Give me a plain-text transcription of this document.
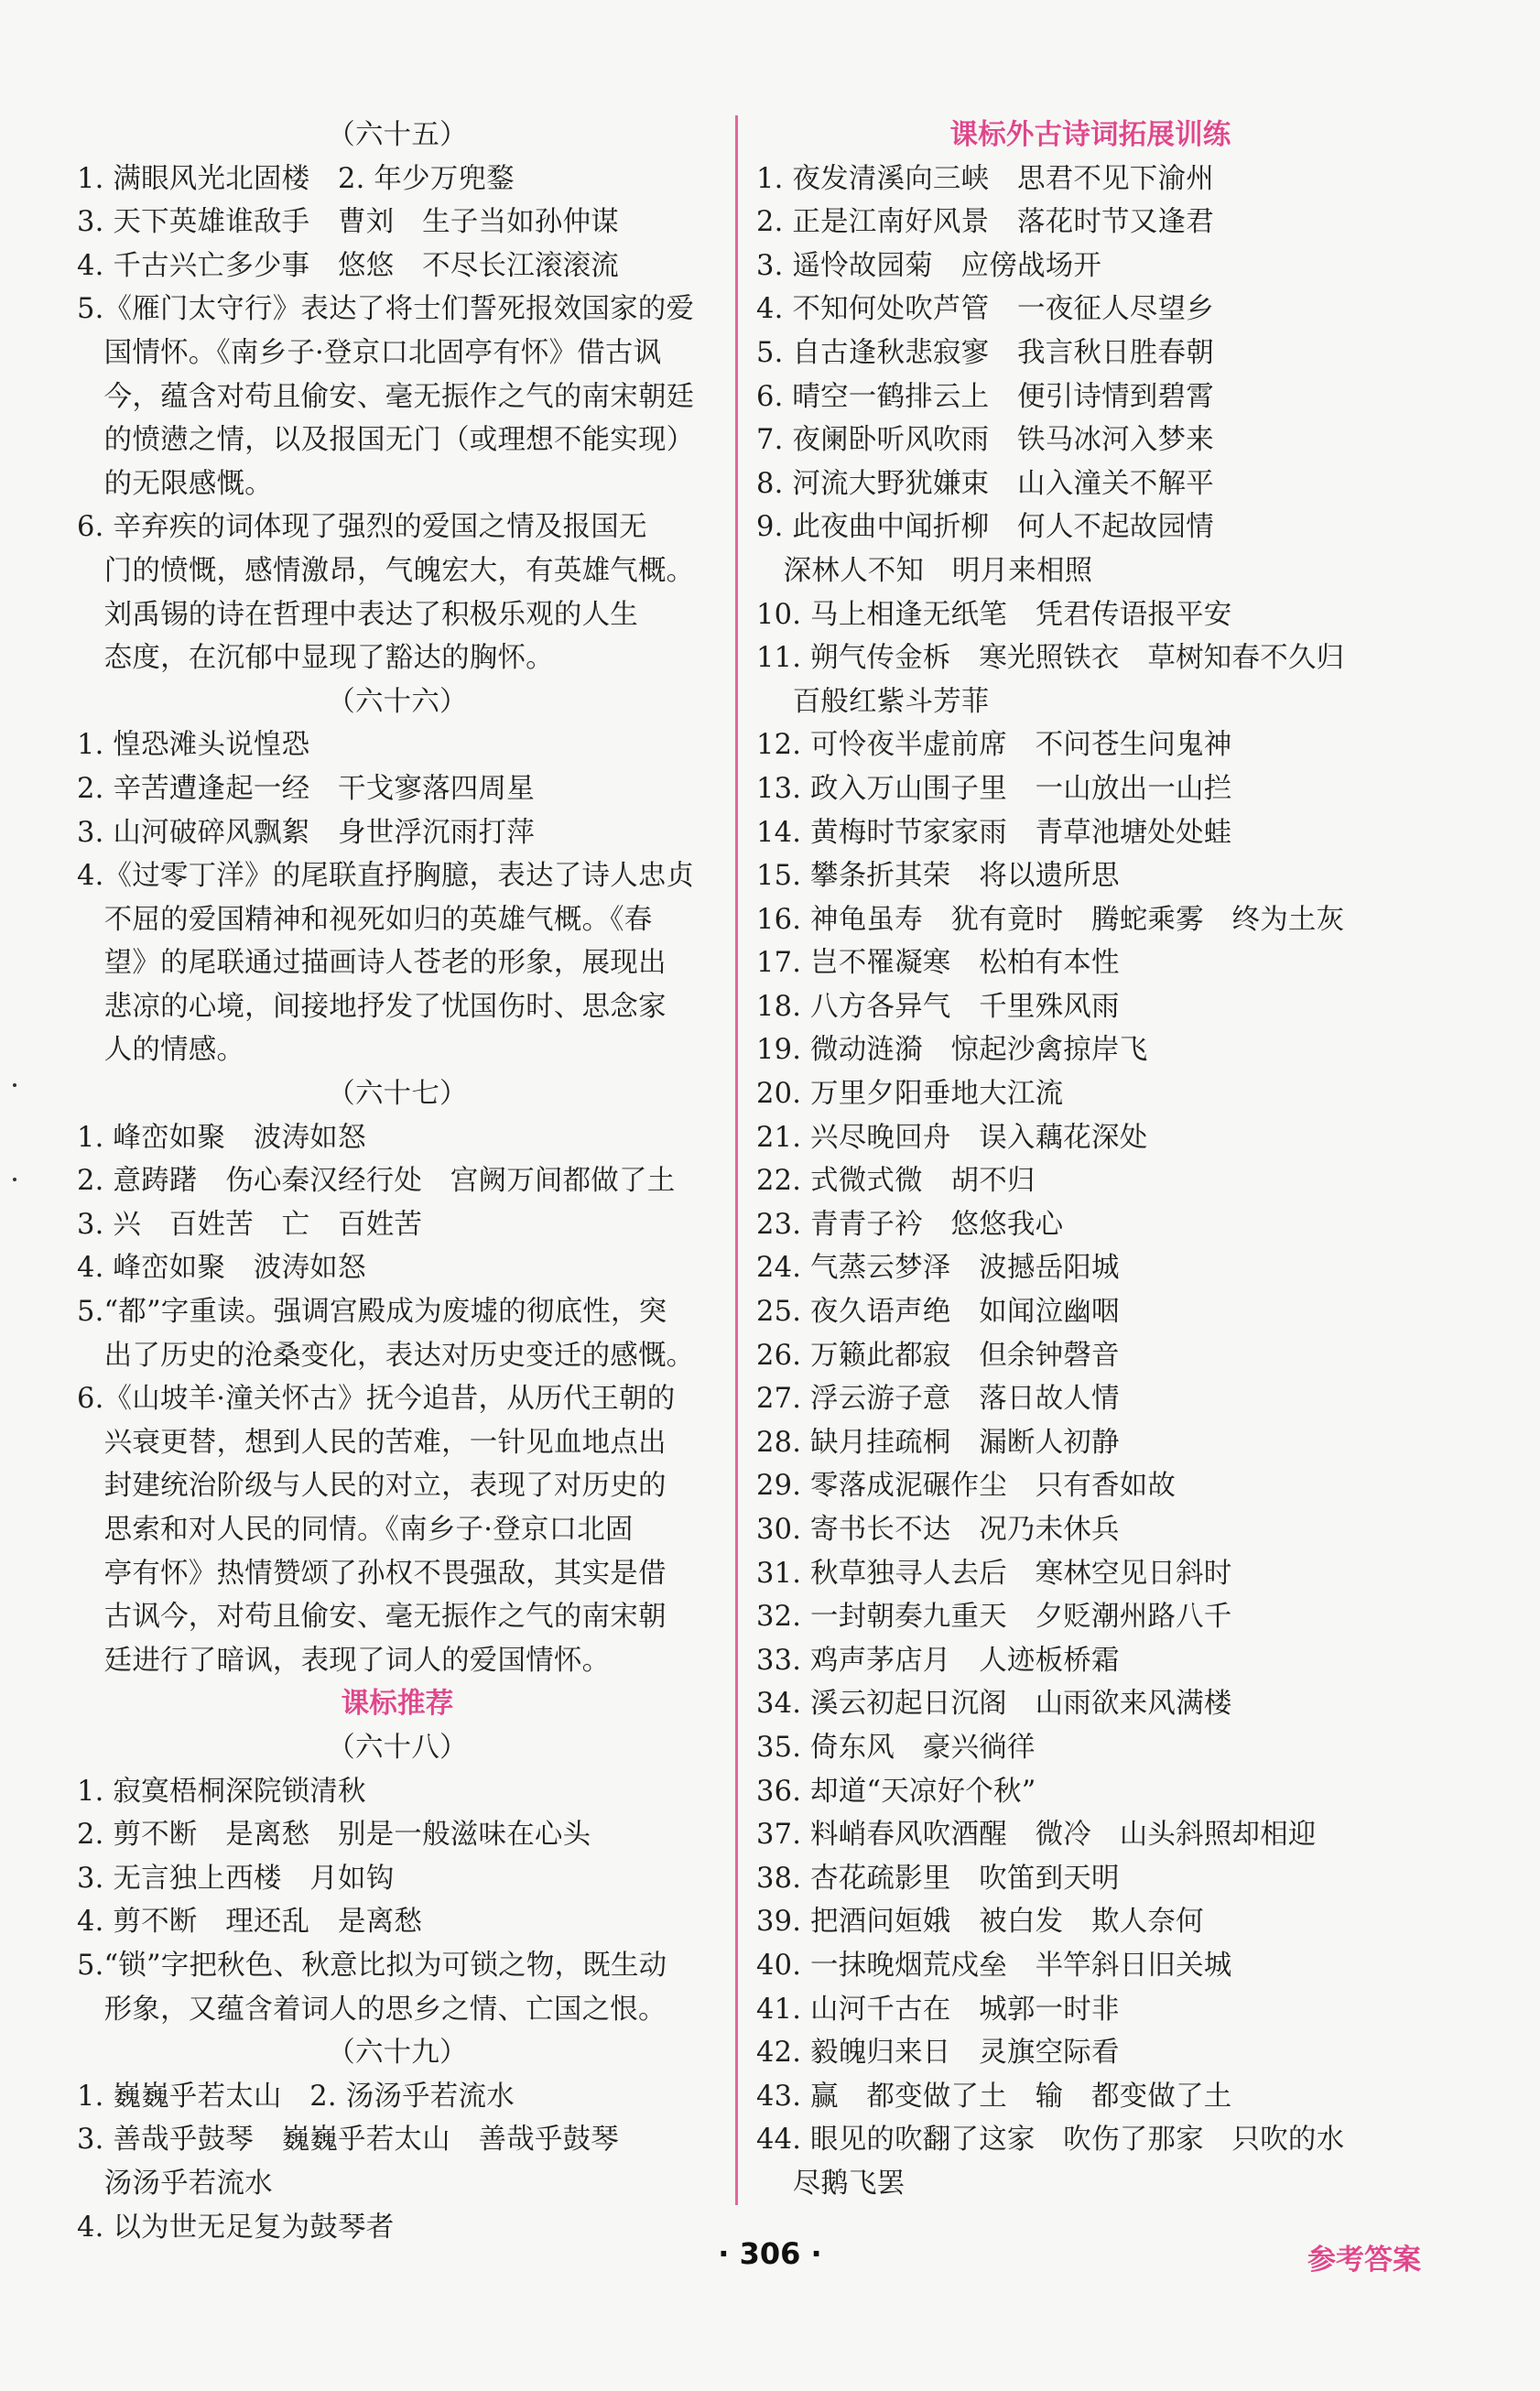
（六十五）
1. 满眼风光北固楼　2. 年少万兜鍪
3. 天下英雄谁敌手　曹刘　生子当如孙仲谋
4. 千古兴亡多少事　悠悠　不尽长江滚滚流
5.《雁门太守行》表达了将士们誓死报效国家的爱
国情怀。《南乡子·登京口北固亭有怀》借古讽
今，蕴含对苟且偷安、毫无振作之气的南宋朝廷
的愤懑之情，以及报国无门（或理想不能实现）
的无限感慨。
6. 辛弃疾的词体现了强烈的爱国之情及报国无
门的愤慨，感情激昂，气魄宏大，有英雄气概。
刘禹锡的诗在哲理中表达了积极乐观的人生
态度，在沉郁中显现了豁达的胸怀。
（六十六）
1. 惶恐滩头说惶恐
2. 辛苦遭逢起一经　干戈寥落四周星
3. 山河破碎风飘絮　身世浮沉雨打萍
4.《过零丁洋》的尾联直抒胸臆，表达了诗人忠贞
不屈的爱国精神和视死如归的英雄气概。《春
望》的尾联通过描画诗人苍老的形象，展现出
悲凉的心境，间接地抒发了忧国伤时、思念家
人的情感。
（六十七）
1. 峰峦如聚　波涛如怒
2. 意踌躇　伤心秦汉经行处　宫阙万间都做了土
3. 兴　百姓苦　亡　百姓苦
4. 峰峦如聚　波涛如怒
5.“都”字重读。强调宫殿成为废墟的彻底性，突
出了历史的沧桑变化，表达对历史变迁的感慨。
6.《山坡羊·潼关怀古》抚今追昔，从历代王朝的
兴衰更替，想到人民的苦难，一针见血地点出
封建统治阶级与人民的对立，表现了对历史的
思索和对人民的同情。《南乡子·登京口北固
亭有怀》热情赞颂了孙权不畏强敌，其实是借
古讽今，对苟且偷安、毫无振作之气的南宋朝
廷进行了暗讽，表现了词人的爱国情怀。
课标推荐
（六十八）
1. 寂寞梧桐深院锁清秋
2. 剪不断　是离愁　别是一般滋味在心头
3. 无言独上西楼　月如钩
4. 剪不断　理还乱　是离愁
5.“锁”字把秋色、秋意比拟为可锁之物，既生动
形象，又蕴含着词人的思乡之情、亡国之恨。
（六十九）
1. 巍巍乎若太山　2. 汤汤乎若流水
3. 善哉乎鼓琴　巍巍乎若太山　善哉乎鼓琴
汤汤乎若流水
4. 以为世无足复为鼓琴者
课标外古诗词拓展训练
1. 夜发清溪向三峡　思君不见下渝州
2. 正是江南好风景　落花时节又逢君
3. 遥怜故园菊　应傍战场开
4. 不知何处吹芦管　一夜征人尽望乡
5. 自古逢秋悲寂寥　我言秋日胜春朝
6. 晴空一鹤排云上　便引诗情到碧霄
7. 夜阑卧听风吹雨　铁马冰河入梦来
8. 河流大野犹嫌束　山入潼关不解平
9. 此夜曲中闻折柳　何人不起故园情
深林人不知　明月来相照
10. 马上相逢无纸笔　凭君传语报平安
11. 朔气传金柝　寒光照铁衣　草树知春不久归
百般红紫斗芳菲
12. 可怜夜半虚前席　不问苍生问鬼神
13. 政入万山围子里　一山放出一山拦
14. 黄梅时节家家雨　青草池塘处处蛙
15. 攀条折其荣　将以遗所思
16. 神龟虽寿　犹有竟时　腾蛇乘雾　终为土灰
17. 岂不罹凝寒　松柏有本性
18. 八方各异气　千里殊风雨
19. 微动涟漪　惊起沙禽掠岸飞
20. 万里夕阳垂地大江流
21. 兴尽晚回舟　误入藕花深处
22. 式微式微　胡不归
23. 青青子衿　悠悠我心
24. 气蒸云梦泽　波撼岳阳城
25. 夜久语声绝　如闻泣幽咽
26. 万籁此都寂　但余钟磬音
27. 浮云游子意　落日故人情
28. 缺月挂疏桐　漏断人初静
29. 零落成泥碾作尘　只有香如故
30. 寄书长不达　况乃未休兵
31. 秋草独寻人去后　寒林空见日斜时
32. 一封朝奏九重天　夕贬潮州路八千
33. 鸡声茅店月　人迹板桥霜
34. 溪云初起日沉阁　山雨欲来风满楼
35. 倚东风　豪兴徜徉
36. 却道“天凉好个秋”
37. 料峭春风吹酒醒　微冷　山头斜照却相迎
38. 杏花疏影里　吹笛到天明
39. 把酒问姮娥　被白发　欺人奈何
40. 一抹晚烟荒戍垒　半竿斜日旧关城
41. 山河千古在　城郭一时非
42. 毅魄归来日　灵旗空际看
43. 赢　都变做了土　输　都变做了土
44. 眼见的吹翻了这家　吹伤了那家　只吹的水
尽鹅飞罢
· 306 ·	参考答案
